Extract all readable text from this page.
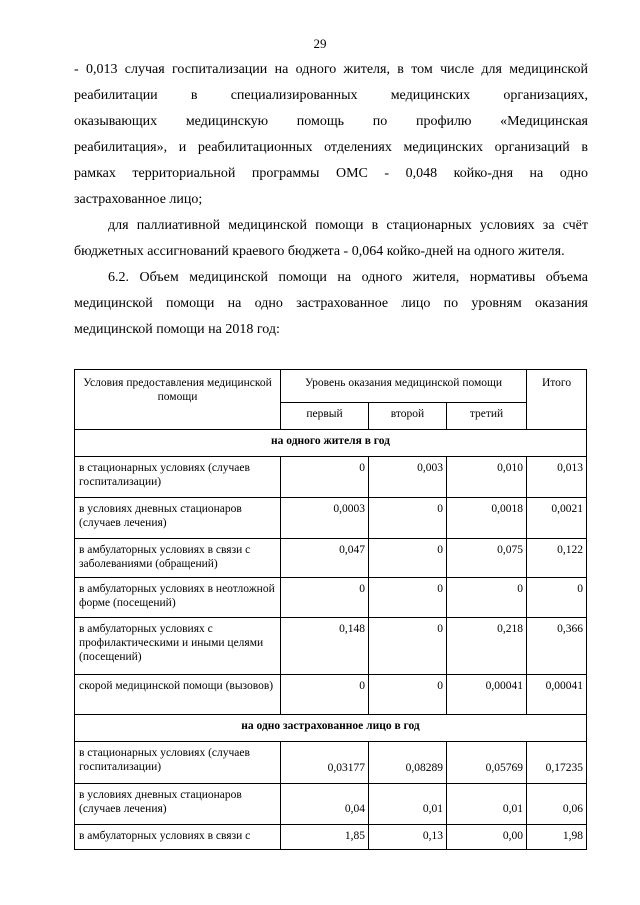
29
- 0,013 случая госпитализации на одного жителя, в том числе для медицинской
реабилитации в специализированных медицинских организациях,
оказывающих медицинскую помощь по профилю «Медицинская
реабилитация», и реабилитационных отделениях медицинских организаций в
рамках территориальной программы ОМС - 0,048 койко-дня на одно
застрахованное лицо;
для паллиативной медицинской помощи в стационарных условиях за счёт
бюджетных ассигнований краевого бюджета - 0,064 койко-дней на одного жителя.
6.2. Объем медицинской помощи на одного жителя, нормативы объема
медицинской помощи на одно застрахованное лицо по уровням оказания
медицинской помощи на 2018 год:
Условия предоставления медицинской помощи	Уровень оказания медицинской помощи			Итого
	первый	второй	третий	
на одного жителя в год				
в стационарных условиях (случаев госпитализации)	0	0,003	0,010	0,013
в условиях дневных стационаров (случаев лечения)	0,0003	0	0,0018	0,0021
в амбулаторных условиях в связи с заболеваниями (обращений)	0,047	0	0,075	0,122
в амбулаторных условиях в неотложной форме (посещений)	0	0	0	0
в амбулаторных условиях с профилактическими и иными целями (посещений)	0,148	0	0,218	0,366
скорой медицинской помощи (вызовов)	0	0	0,00041	0,00041
на одно застрахованное лицо в год				
в стационарных условиях (случаев госпитализации)	0,03177	0,08289	0,05769	0,17235
в условиях дневных стационаров (случаев лечения)	0,04	0,01	0,01	0,06
в амбулаторных условиях в связи с	1,85	0,13	0,00	1,98
